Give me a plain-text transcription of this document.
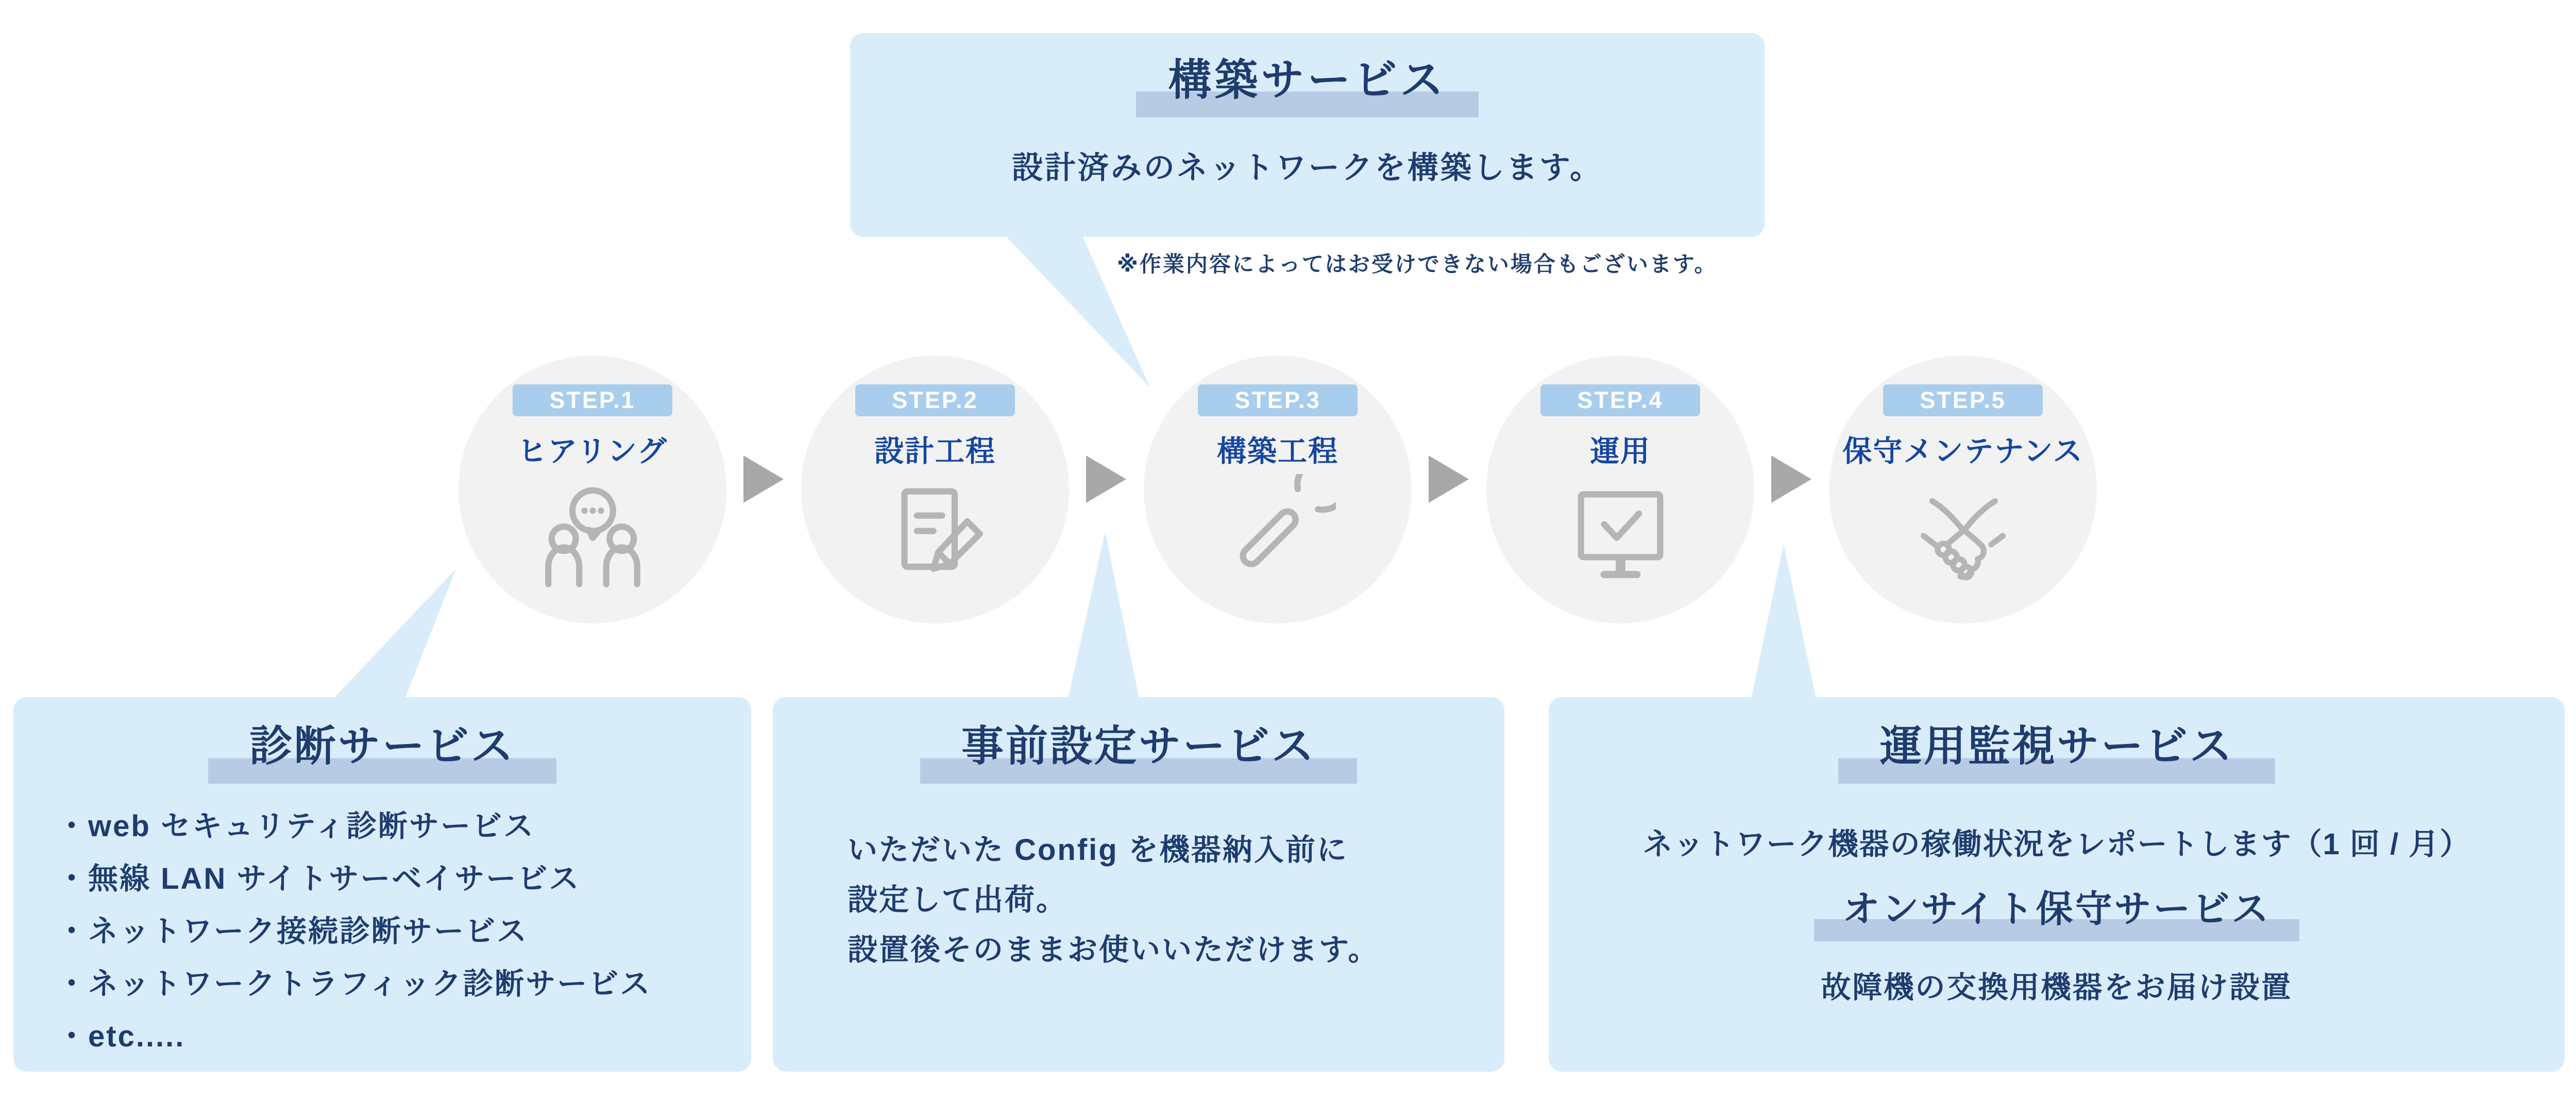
構築サービス
設計済みのネットワークを構築します。
※作業内容によってはお受けできない場合もございます。
STEP.1
ヒアリング
STEP.2
設計工程
STEP.3
構築工程
STEP.4
運用
STEP.5
保守メンテナンス
診断サービス
・web セキュリティ診断サービス
・無線 LAN サイトサーベイサービス
・ネットワーク接続診断サービス
・ネットワークトラフィック診断サービス
・etc.....
事前設定サービス
いただいた Config を機器納入前に
設定して出荷。
設置後そのままお使いいただけます。
運用監視サービス
ネットワーク機器の稼働状況をレポートします（1 回 / 月）
オンサイト保守サービス
故障機の交換用機器をお届け設置
